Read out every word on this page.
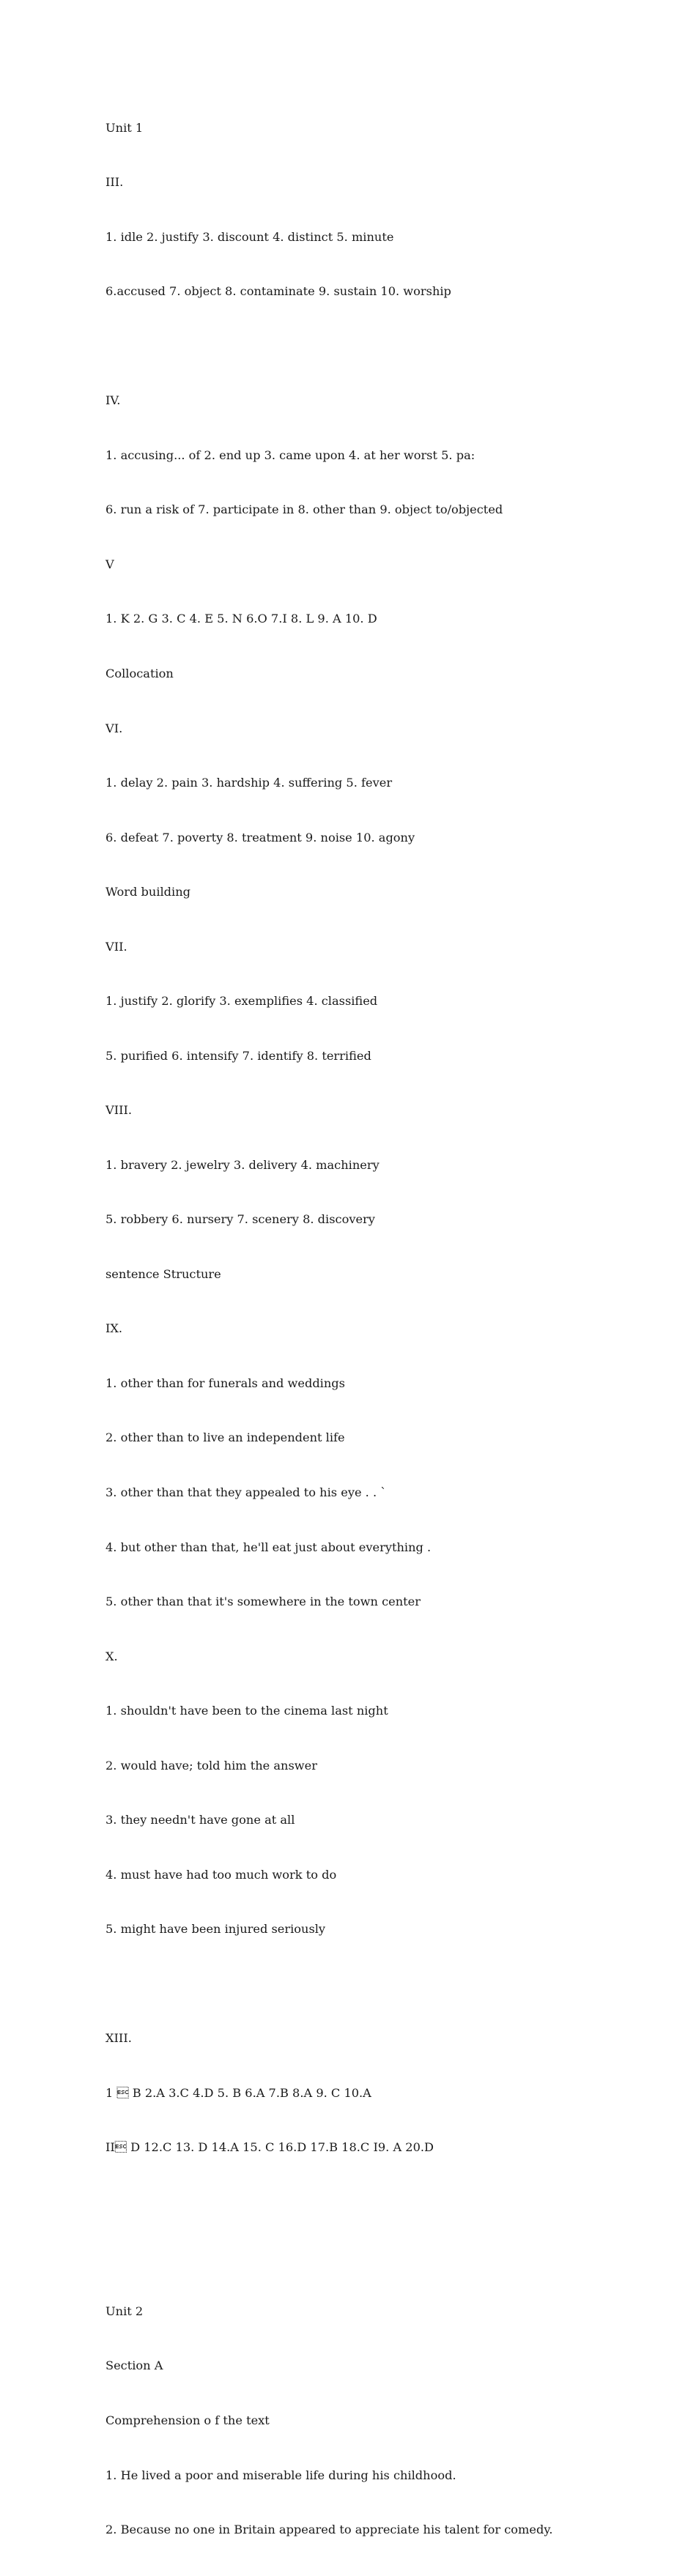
Unit 1

III.

1. idle 2. justify 3. discount 4. distinct 5. minute

6.accused 7. object 8. contaminate 9. sustain 10. worship

IV.

1. accusing... of 2. end up 3. came upon 4. at her worst 5. pa:

6. run a risk of 7. participate in 8. other than 9. object to/objected

V

1. K 2. G 3. C 4. E 5. N 6.O 7.I 8. L 9. A 10. D

Collocation

VI.

1. delay 2. pain 3. hardship 4. suffering 5. fever

6. defeat 7. poverty 8. treatment 9. noise 10. agony

Word building

VII.

1. justify 2. glorify 3. exemplifies 4. classified

5. purified 6. intensify 7. identify 8. terrified

VIII.

1. bravery 2. jewelry 3. delivery 4. machinery

5. robbery 6. nursery 7. scenery 8. discovery

sentence Structure

IX.

1. other than for funerals and weddings

2. other than to live an independent life

3. other than that they appealed to his eye . . `

4. but other than that, he'll eat just about everything .

5. other than that it's somewhere in the town center

X.

1. shouldn't have been to the cinema last night

2. would have; told him the answer

3. they needn't have gone at all

4. must have had too much work to do

5. might have been injured seriously

XIII.

1  B 2.A 3.C 4.D 5. B 6.A 7.B 8.A 9. C 10.A

II D 12.C 13. D 14.A 15. C 16.D 17.B 18.C I9. A 20.D

Unit 2

Section A

Comprehension o f the text

1. He lived a poor and miserable life during his childhood.

2. Because no one in Britain appeared to appreciate his talent for comedy.
